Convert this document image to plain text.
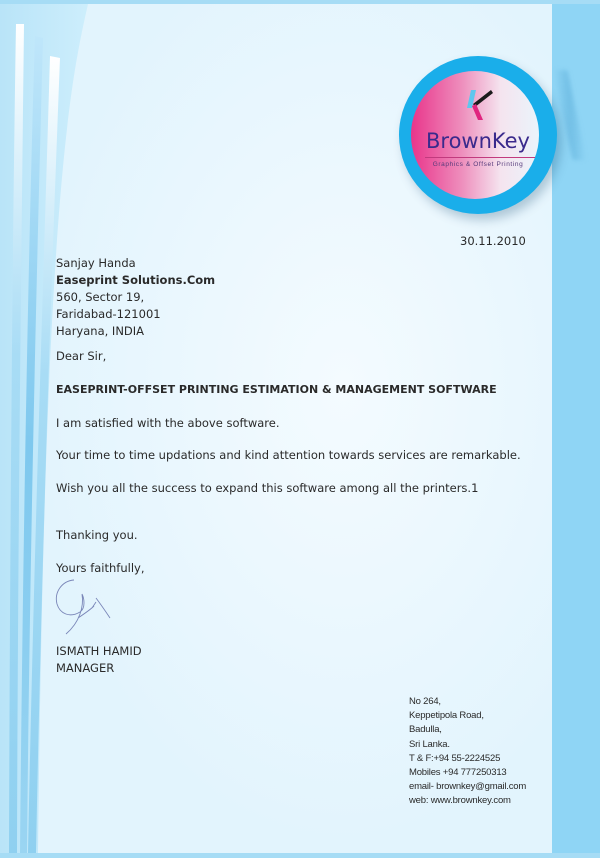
BrownKey
Graphics & Offset Printing
30.11.2010
Sanjay Handa
Easeprint Solutions.Com
560, Sector 19,
Faridabad-121001
Haryana, INDIA
Dear Sir,
EASEPRINT-OFFSET PRINTING ESTIMATION & MANAGEMENT SOFTWARE
I am satisfied with the above software.
Your time to time updations and kind attention towards services are remarkable.
Wish you all the success to expand this software among all the printers.1
Thanking you.
Yours faithfully,
ISMATH HAMID
MANAGER
No 264,
Keppetipola Road,
Badulla,
Sri Lanka.
T & F:+94 55-2224525
Mobiles +94 777250313
email- brownkey@gmail.com
web: www.brownkey.com
